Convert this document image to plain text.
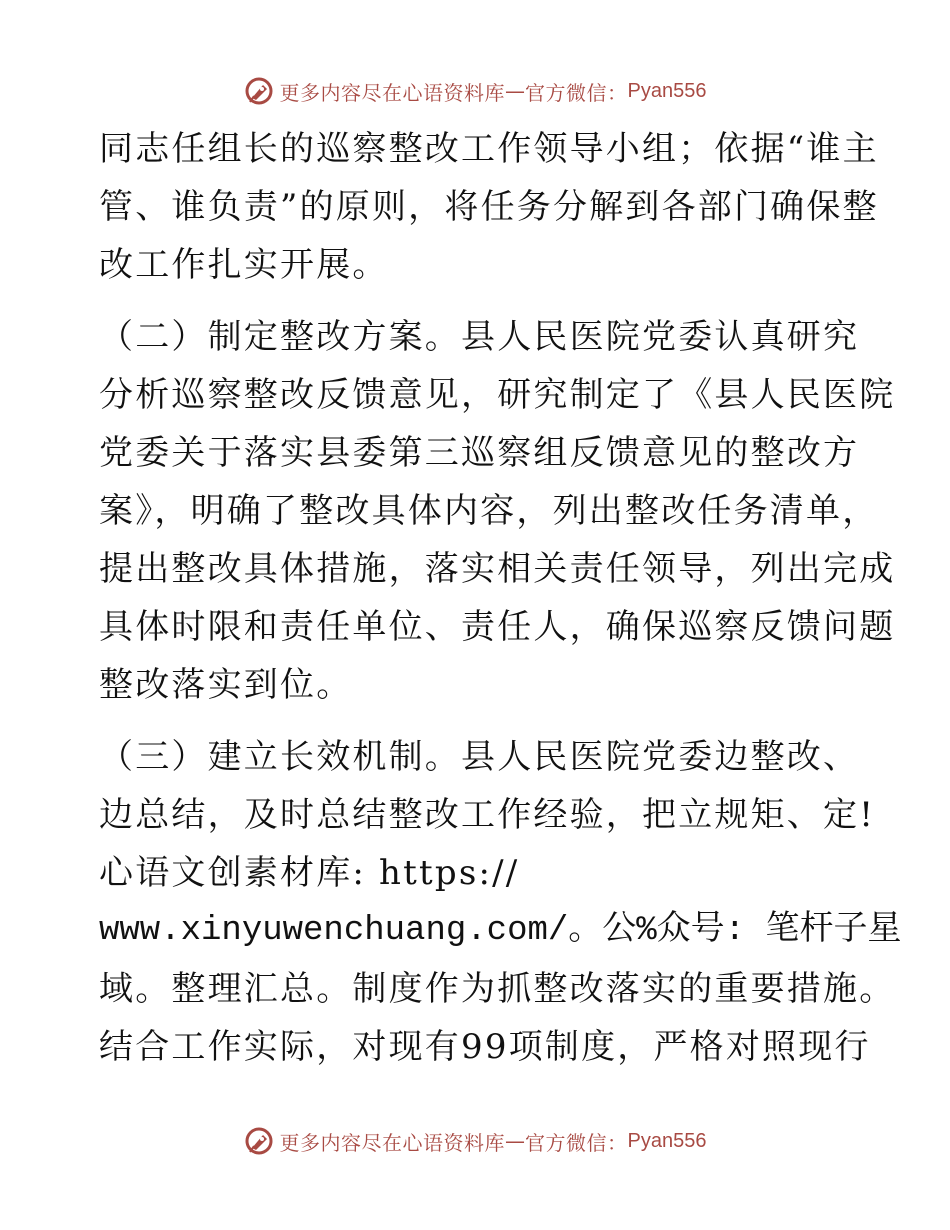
更多内容尽在心语资料库 — 官方微信： Pyan556
同志任组长的巡察整改工作领导小组；依据“谁主
管、谁负责”的原则，将任务分解到各部门确保整
改工作扎实开展。
（二）制定整改方案。县人民医院党委认真研究
分析巡察整改反馈意见，研究制定了《县人民医院
党委关于落实县委第三巡察组反馈意见的整改方
案》，明确了整改具体内容，列出整改任务清单，
提出整改具体措施，落实相关责任领导，列出完成
具体时限和责任单位、责任人，确保巡察反馈问题
整改落实到位。
（三）建立长效机制。县人民医院党委边整改、
边总结，及时总结整改工作经验，把立规矩、定!
心语文创素材库: https://
www.xinyuwenchuang.com/。公%众号: 笔杆子星
域。整理汇总。制度作为抓整改落实的重要措施。
结合工作实际，对现有99项制度，严格对照现行
更多内容尽在心语资料库 — 官方微信： Pyan556
